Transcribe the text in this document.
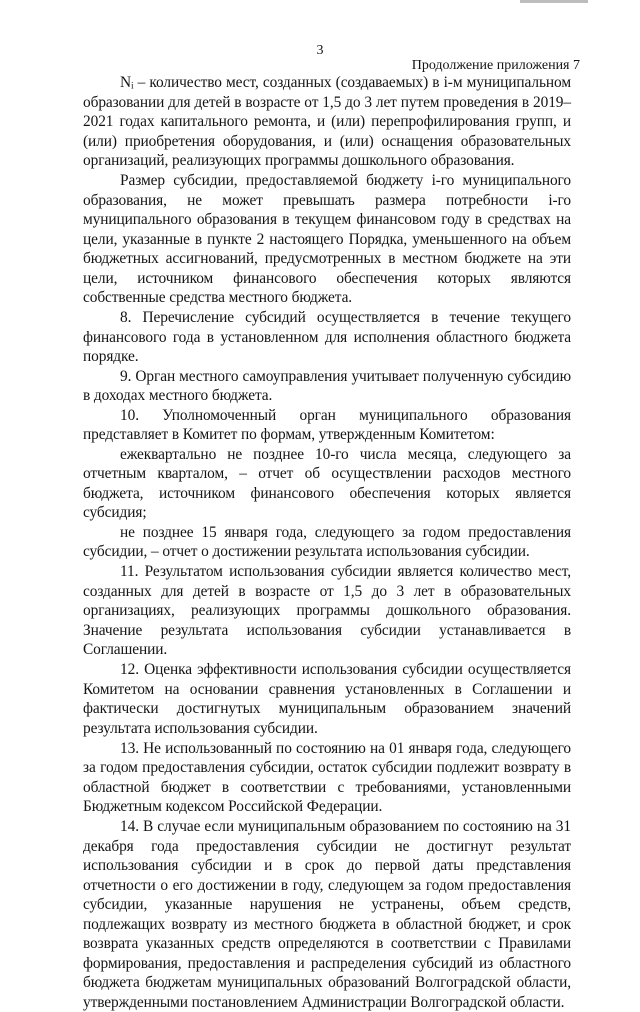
3
Продолжение приложения 7

Nᵢ – количество мест, созданных (создаваемых) в i-м муниципальном образовании для детей в возрасте от 1,5 до 3 лет путем проведения в 2019–2021 годах капитального ремонта, и (или) перепрофилирования групп, и (или) приобретения оборудования, и (или) оснащения образовательных организаций, реализующих программы дошкольного образования.

Размер субсидии, предоставляемой бюджету i-го муниципального образования, не может превышать размера потребности i-го муниципального образования в текущем финансовом году в средствах на цели, указанные в пункте 2 настоящего Порядка, уменьшенного на объем бюджетных ассигнований, предусмотренных в местном бюджете на эти цели, источником финансового обеспечения которых являются собственные средства местного бюджета.

8. Перечисление субсидий осуществляется в течение текущего финансового года в установленном для исполнения областного бюджета порядке.

9. Орган местного самоуправления учитывает полученную субсидию в доходах местного бюджета.

10. Уполномоченный орган муниципального образования представляет в Комитет по формам, утвержденным Комитетом:

ежеквартально не позднее 10-го числа месяца, следующего за отчетным кварталом, – отчет об осуществлении расходов местного бюджета, источником финансового обеспечения которых является субсидия;

не позднее 15 января года, следующего за годом предоставления субсидии, – отчет о достижении результата использования субсидии.

11. Результатом использования субсидии является количество мест, созданных для детей в возрасте от 1,5 до 3 лет в образовательных организациях, реализующих программы дошкольного образования. Значение результата использования субсидии устанавливается в Соглашении.

12. Оценка эффективности использования субсидии осуществляется Комитетом на основании сравнения установленных в Соглашении и фактически достигнутых муниципальным образованием значений результата использования субсидии.

13. Не использованный по состоянию на 01 января года, следующего за годом предоставления субсидии, остаток субсидии подлежит возврату в областной бюджет в соответствии с требованиями, установленными Бюджетным кодексом Российской Федерации.

14. В случае если муниципальным образованием по состоянию на 31 декабря года предоставления субсидии не достигнут результат использования субсидии и в срок до первой даты представления отчетности о его достижении в году, следующем за годом предоставления субсидии, указанные нарушения не устранены, объем средств, подлежащих возврату из местного бюджета в областной бюджет, и срок возврата указанных средств определяются в соответствии с Правилами формирования, предоставления и распределения субсидий из областного бюджета бюджетам муниципальных образований Волгоградской области, утвержденными постановлением Администрации Волгоградской области.
